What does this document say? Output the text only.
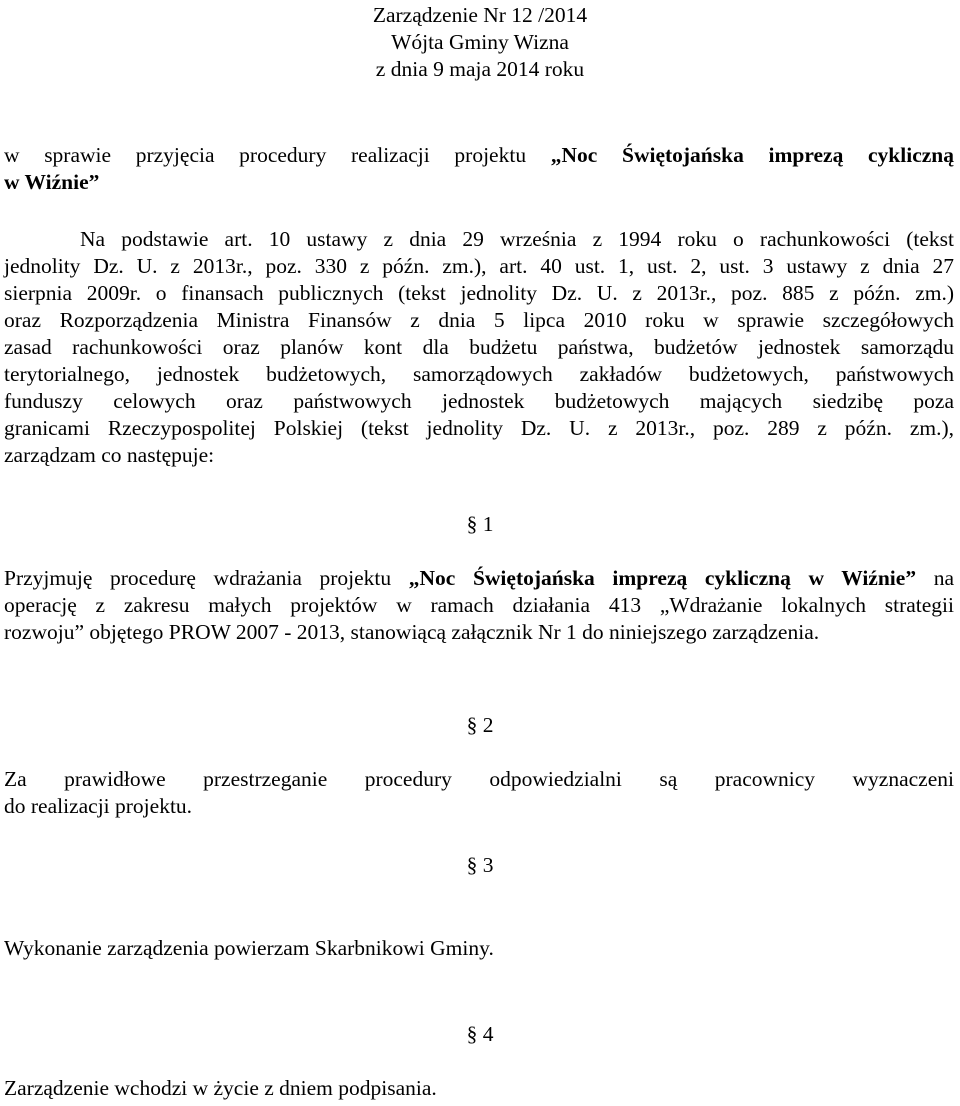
Zarządzenie Nr 12 /2014
Wójta Gminy Wizna
z dnia 9 maja 2014 roku
w sprawie przyjęcia procedury realizacji projektu „Noc Świętojańska imprezą cykliczną
w Wiźnie”
Na podstawie art. 10 ustawy z dnia 29 września z 1994 roku o rachunkowości (tekst
jednolity Dz. U. z 2013r., poz. 330 z późn. zm.), art. 40 ust. 1, ust. 2, ust. 3 ustawy z dnia 27
sierpnia 2009r. o finansach publicznych (tekst jednolity Dz. U. z 2013r., poz. 885 z późn. zm.)
oraz Rozporządzenia Ministra Finansów z dnia 5 lipca 2010 roku w sprawie szczegółowych
zasad rachunkowości oraz planów kont dla budżetu państwa, budżetów jednostek samorządu
terytorialnego, jednostek budżetowych, samorządowych zakładów budżetowych, państwowych
funduszy celowych oraz państwowych jednostek budżetowych mających siedzibę poza
granicami Rzeczypospolitej Polskiej (tekst jednolity Dz. U. z 2013r., poz. 289 z późn. zm.),
zarządzam co następuje:
§ 1
Przyjmuję procedurę wdrażania projektu „Noc Świętojańska imprezą cykliczną w Wiźnie” na
operację z zakresu małych projektów w ramach działania 413 „Wdrażanie lokalnych strategii
rozwoju” objętego PROW 2007 - 2013, stanowiącą załącznik Nr 1 do niniejszego zarządzenia.
§ 2
Za prawidłowe przestrzeganie procedury odpowiedzialni są pracownicy wyznaczeni
do realizacji projektu.
§ 3
Wykonanie zarządzenia powierzam Skarbnikowi Gminy.
§ 4
Zarządzenie wchodzi w życie z dniem podpisania.
